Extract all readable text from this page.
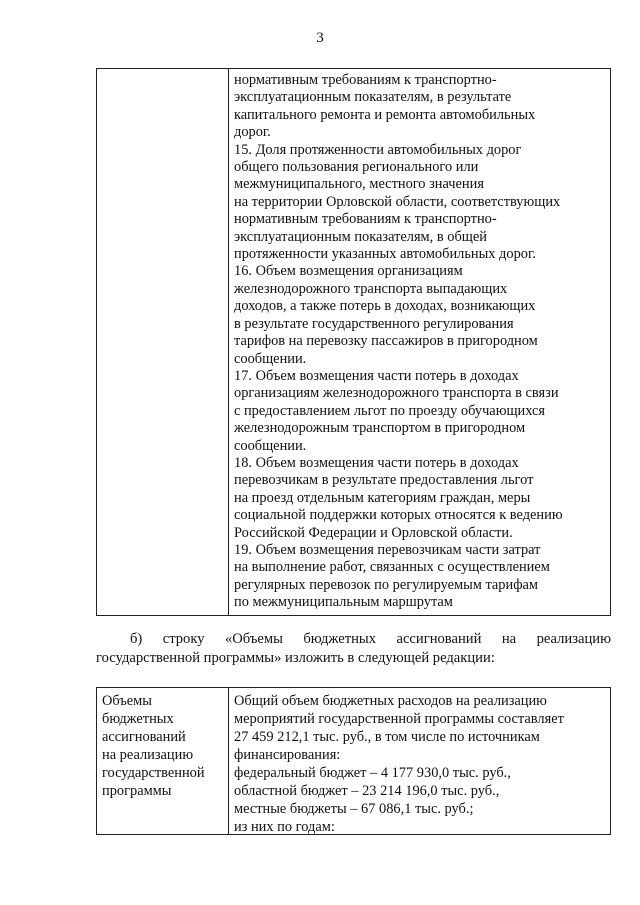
3
нормативным требованиям к транспортно-
эксплуатационным показателям, в результате
капитального ремонта и ремонта автомобильных
дорог.
15. Доля протяженности автомобильных дорог
общего пользования регионального или
межмуниципального, местного значения
на территории Орловской области, соответствующих
нормативным требованиям к транспортно-
эксплуатационным показателям, в общей
протяженности указанных автомобильных дорог.
16. Объем возмещения организациям
железнодорожного транспорта выпадающих
доходов, а также потерь в доходах, возникающих
в результате государственного регулирования
тарифов на перевозку пассажиров в пригородном
сообщении.
17. Объем возмещения части потерь в доходах
организациям железнодорожного транспорта в связи
с предоставлением льгот по проезду обучающихся
железнодорожным транспортом в пригородном
сообщении.
18. Объем возмещения части потерь в доходах
перевозчикам в результате предоставления льгот
на проезд отдельным категориям граждан, меры
социальной поддержки которых относятся к ведению
Российской Федерации и Орловской области.
19. Объем возмещения перевозчикам части затрат
на выполнение работ, связанных с осуществлением
регулярных перевозок по регулируемым тарифам
по межмуниципальным маршрутам
б) строку «Объемы бюджетных ассигнований на реализацию
государственной программы» изложить в следующей редакции:
Объемы
бюджетных
ассигнований
на реализацию
государственной
программы
Общий объем бюджетных расходов на реализацию
мероприятий государственной программы составляет
27 459 212,1 тыс. руб., в том числе по источникам
финансирования:
федеральный бюджет – 4 177 930,0 тыс. руб.,
областной бюджет – 23 214 196,0 тыс. руб.,
местные бюджеты – 67 086,1 тыс. руб.;
из них по годам:
